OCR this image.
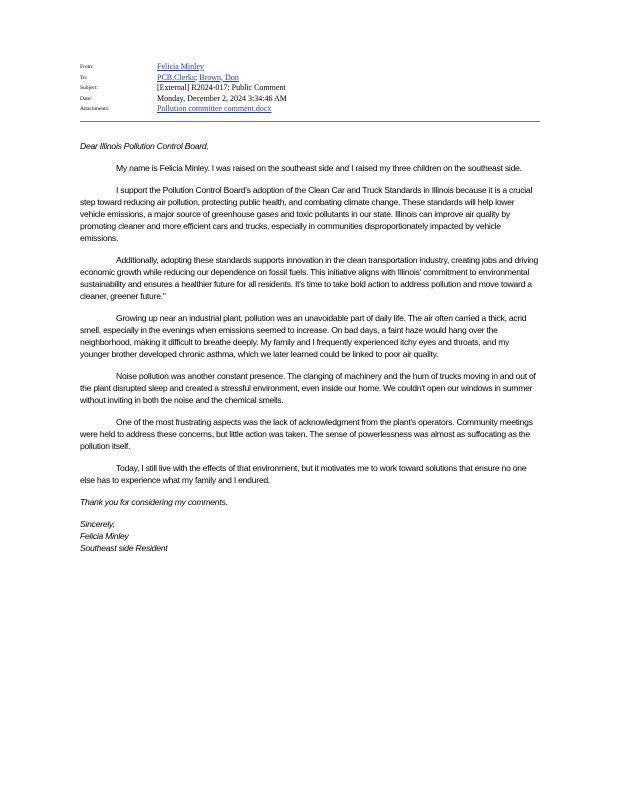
From:	Felicia Minley
To:	PCB.Clerks; Brown, Don
Subject:	[External] R2024-017: Public Comment
Date:	Monday, December 2, 2024 3:34:46 AM
Attachments:	Pollution committee comment.docx

Dear Illinois Pollution Control Board,

My name is Felicia Minley. I was raised on the southeast side and I raised my three children on the southeast side.

I support the Pollution Control Board's adoption of the Clean Car and Truck Standards in Illinois because it is a crucial step toward reducing air pollution, protecting public health, and combating climate change. These standards will help lower vehicle emissions, a major source of greenhouse gases and toxic pollutants in our state. Illinois can improve air quality by promoting cleaner and more efficient cars and trucks, especially in communities disproportionately impacted by vehicle emissions.

Additionally, adopting these standards supports innovation in the clean transportation industry, creating jobs and driving economic growth while reducing our dependence on fossil fuels. This initiative aligns with Illinois' commitment to environmental sustainability and ensures a healthier future for all residents. It's time to take bold action to address pollution and move toward a cleaner, greener future."

Growing up near an industrial plant, pollution was an unavoidable part of daily life. The air often carried a thick, acrid smell, especially in the evenings when emissions seemed to increase. On bad days, a faint haze would hang over the neighborhood, making it difficult to breathe deeply. My family and I frequently experienced itchy eyes and throats, and my younger brother developed chronic asthma, which we later learned could be linked to poor air quality.

Noise pollution was another constant presence. The clanging of machinery and the hum of trucks moving in and out of the plant disrupted sleep and created a stressful environment, even inside our home. We couldn't open our windows in summer without inviting in both the noise and the chemical smells.

One of the most frustrating aspects was the lack of acknowledgment from the plant's operators. Community meetings were held to address these concerns, but little action was taken. The sense of powerlessness was almost as suffocating as the pollution itself.

Today, I still live with the effects of that environment, but it motivates me to work toward solutions that ensure no one else has to experience what my family and I endured.

Thank you for considering my comments.

Sincerely,

Felicia Minley

Southeast side Resident
